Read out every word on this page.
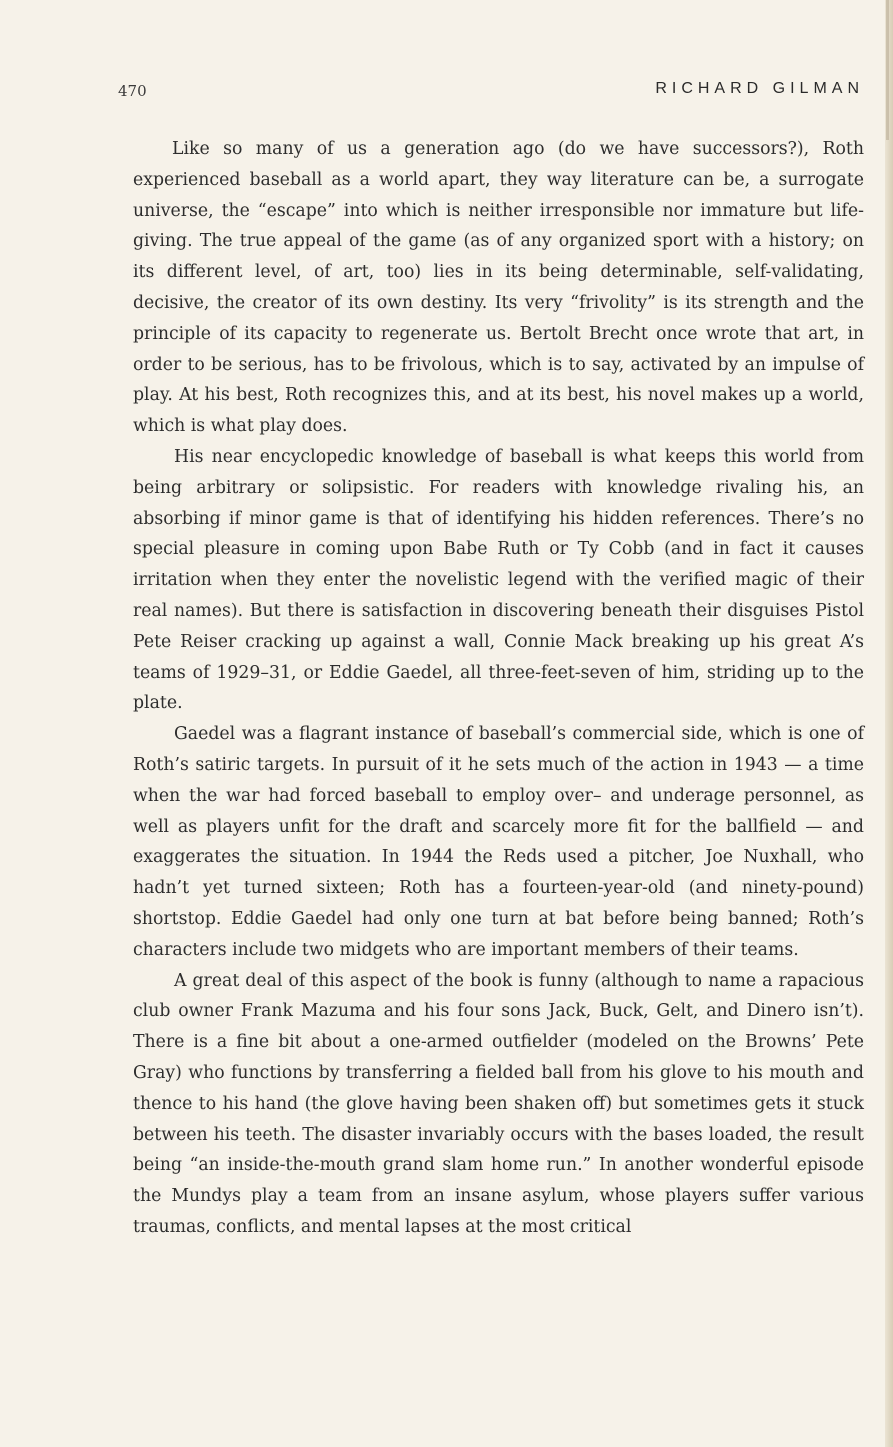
470	RICHARD GILMAN

Like so many of us a generation ago (do we have successors?), Roth experienced baseball as a world apart, they way literature can be, a surrogate universe, the “escape” into which is neither irresponsible nor immature but life-giving. The true appeal of the game (as of any organized sport with a history; on its different level, of art, too) lies in its being determinable, self-validating, decisive, the creator of its own destiny. Its very “frivolity” is its strength and the principle of its capacity to regenerate us. Bertolt Brecht once wrote that art, in order to be serious, has to be frivolous, which is to say, activated by an impulse of play. At his best, Roth recognizes this, and at its best, his novel makes up a world, which is what play does.

His near encyclopedic knowledge of baseball is what keeps this world from being arbitrary or solipsistic. For readers with knowledge rivaling his, an absorbing if minor game is that of identifying his hidden references. There’s no special pleasure in coming upon Babe Ruth or Ty Cobb (and in fact it causes irritation when they enter the novelistic legend with the verified magic of their real names). But there is satisfaction in discovering beneath their disguises Pistol Pete Reiser cracking up against a wall, Connie Mack breaking up his great A’s teams of 1929–31, or Eddie Gaedel, all three-feet-seven of him, striding up to the plate.

Gaedel was a flagrant instance of baseball’s commercial side, which is one of Roth’s satiric targets. In pursuit of it he sets much of the action in 1943 — a time when the war had forced baseball to employ over– and underage personnel, as well as players unfit for the draft and scarcely more fit for the ballfield — and exaggerates the situation. In 1944 the Reds used a pitcher, Joe Nuxhall, who hadn’t yet turned sixteen; Roth has a fourteen-year-old (and ninety-pound) shortstop. Eddie Gaedel had only one turn at bat before being banned; Roth’s characters include two midgets who are important members of their teams.

A great deal of this aspect of the book is funny (although to name a rapacious club owner Frank Mazuma and his four sons Jack, Buck, Gelt, and Dinero isn’t). There is a fine bit about a one-armed outfielder (modeled on the Browns’ Pete Gray) who functions by transferring a fielded ball from his glove to his mouth and thence to his hand (the glove having been shaken off) but sometimes gets it stuck between his teeth. The disaster invariably occurs with the bases loaded, the result being “an inside-the-mouth grand slam home run.” In another wonderful episode the Mundys play a team from an insane asylum, whose players suffer various traumas, conflicts, and mental lapses at the most critical
